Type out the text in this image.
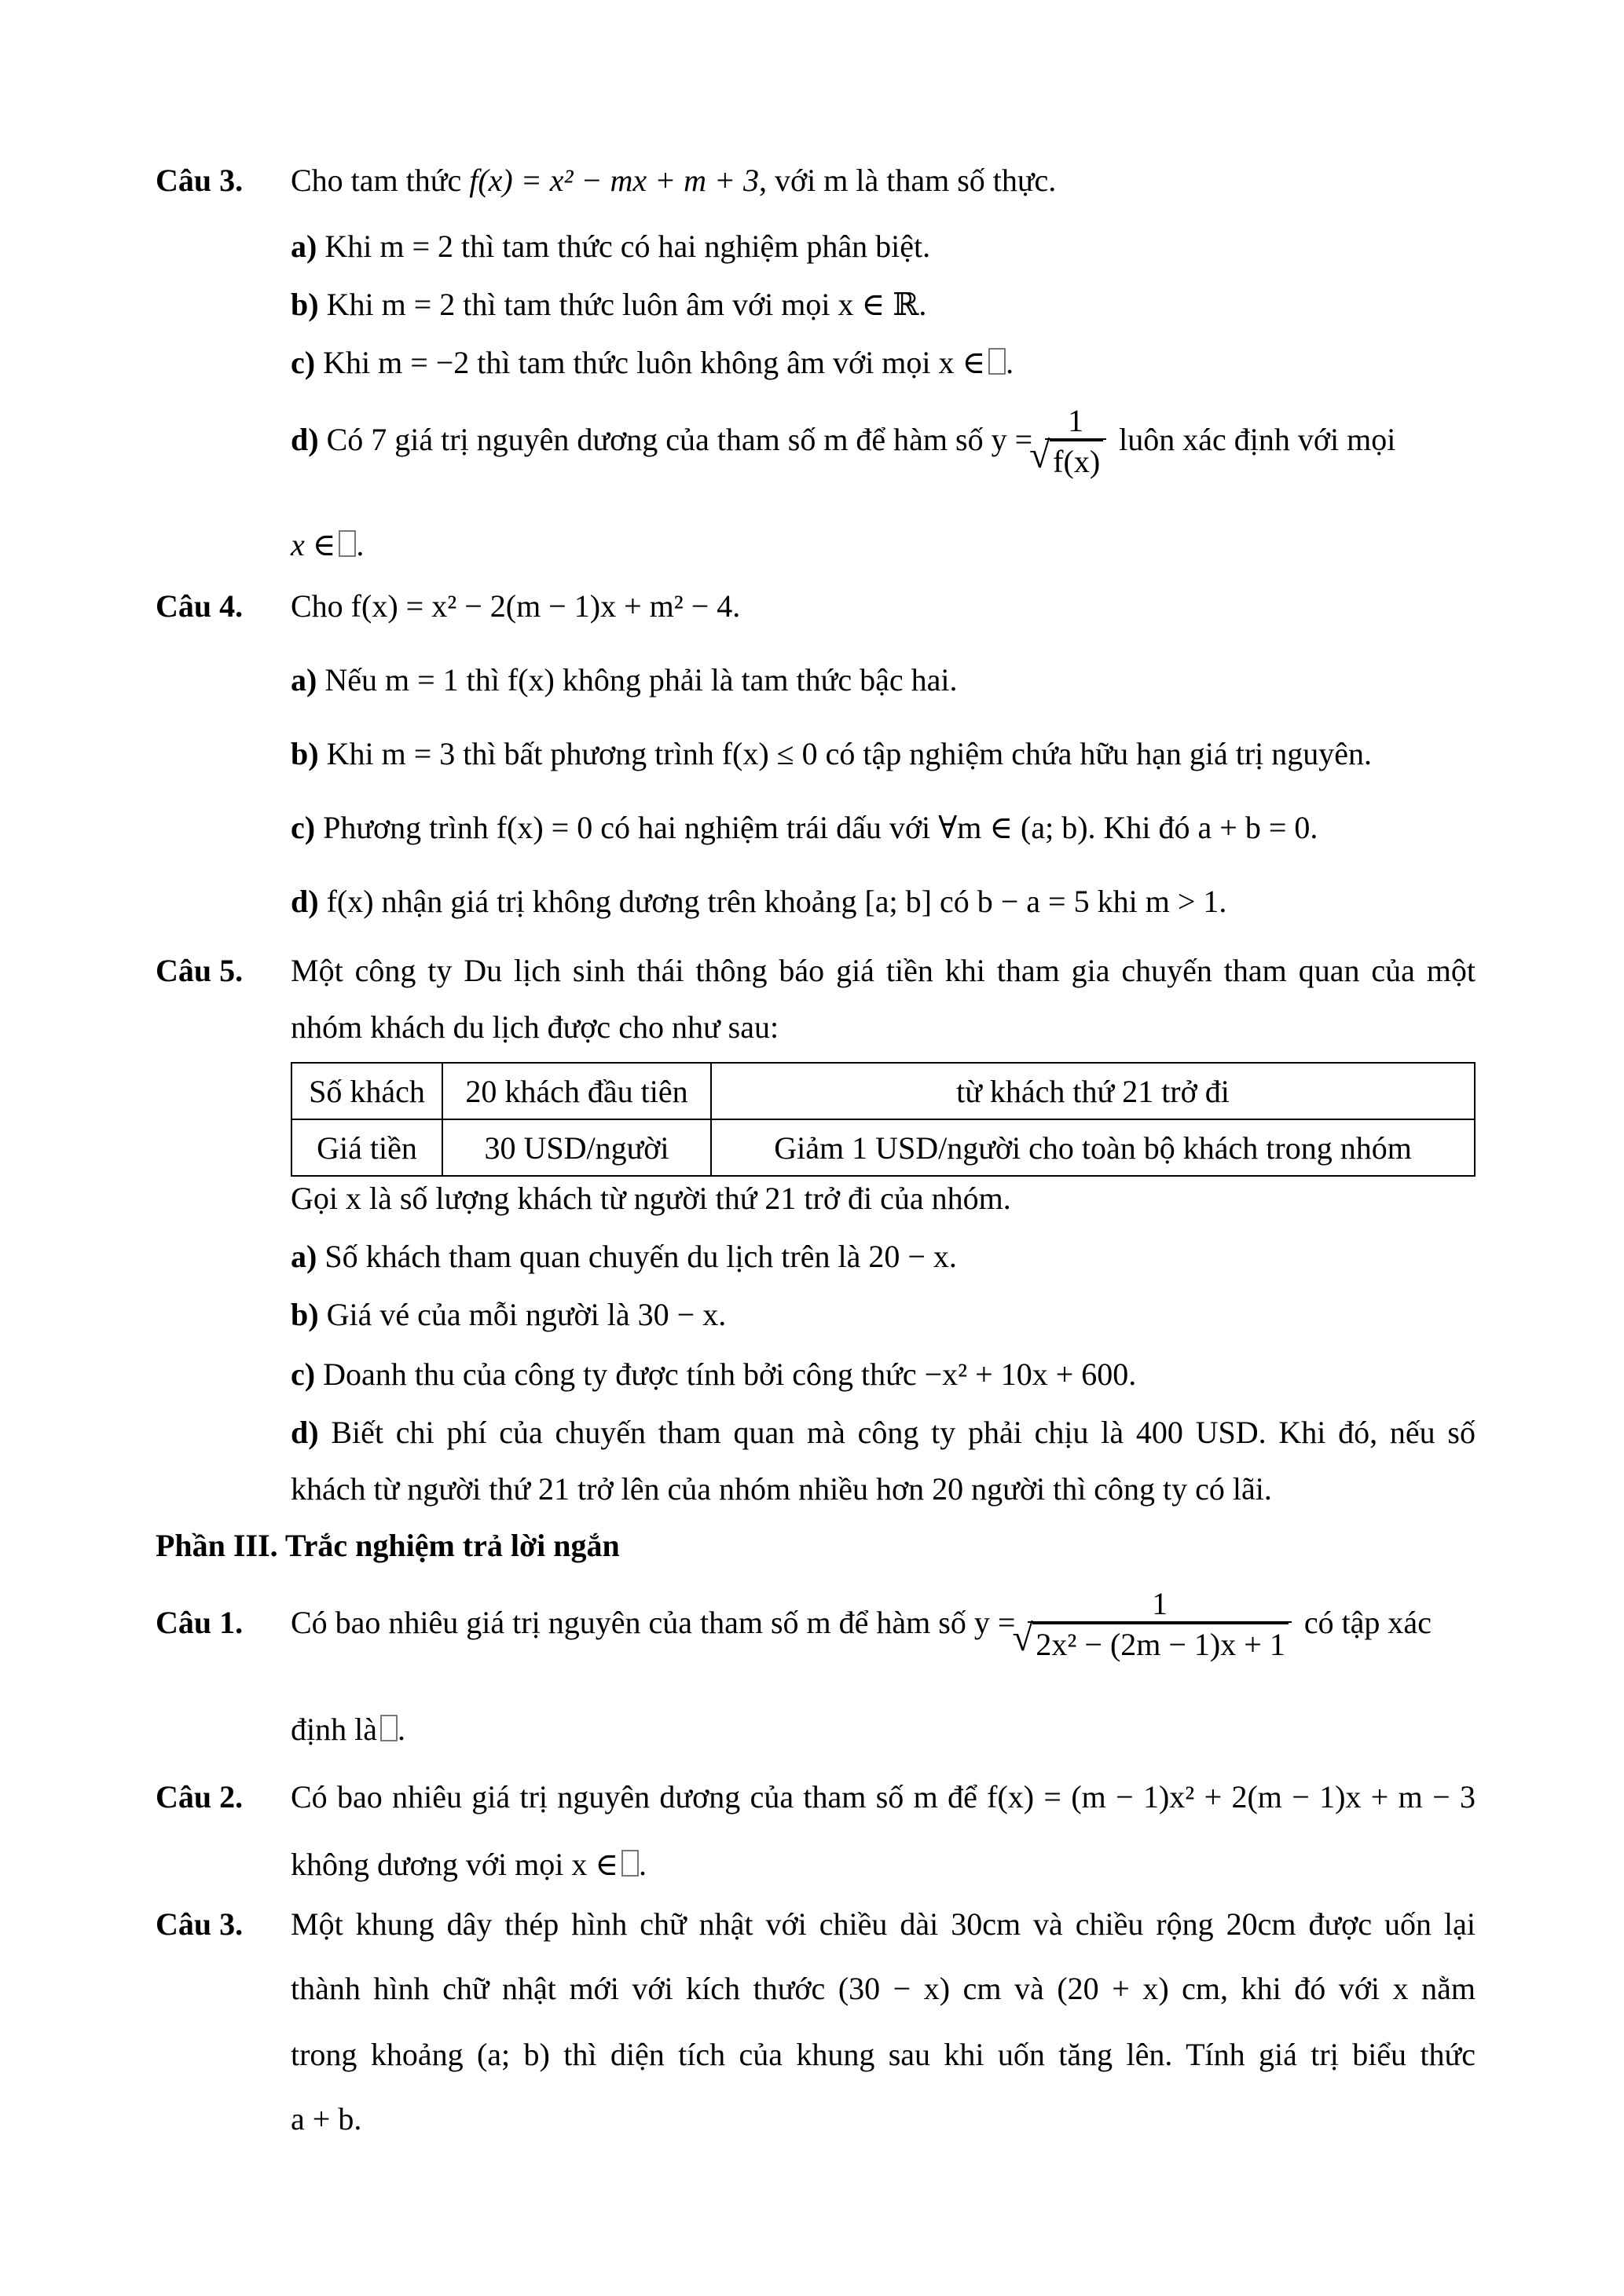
Câu 3. Cho tam thức f(x) = x² − mx + m + 3, với m là tham số thực.
a) Khi m = 2 thì tam thức có hai nghiệm phân biệt.
b) Khi m = 2 thì tam thức luôn âm với mọi x ∈ ℝ.
c) Khi m = −2 thì tam thức luôn không âm với mọi x ∈ .
d) Có 7 giá trị nguyên dương của tham số m để hàm số y = 1
√ f(x) luôn xác định với mọi
x ∈ .
Câu 4. Cho f(x) = x² − 2(m − 1)x + m² − 4.
a) Nếu m = 1 thì f(x) không phải là tam thức bậc hai.
b) Khi m = 3 thì bất phương trình f(x) ≤ 0 có tập nghiệm chứa hữu hạn giá trị nguyên.
c) Phương trình f(x) = 0 có hai nghiệm trái dấu với ∀m ∈ (a; b). Khi đó a + b = 0.
d) f(x) nhận giá trị không dương trên khoảng [a; b] có b − a = 5 khi m > 1.
Câu 5. Một công ty Du lịch sinh thái thông báo giá tiền khi tham gia chuyến tham quan của một
nhóm khách du lịch được cho như sau:
Số khách	20 khách đầu tiên	từ khách thứ 21 trở đi
Giá tiền	30 USD/người	Giảm 1 USD/người cho toàn bộ khách trong nhóm
Gọi x là số lượng khách từ người thứ 21 trở đi của nhóm.
a) Số khách tham quan chuyến du lịch trên là 20 − x.
b) Giá vé của mỗi người là 30 − x.
c) Doanh thu của công ty được tính bởi công thức −x² + 10x + 600.
d) Biết chi phí của chuyến tham quan mà công ty phải chịu là 400 USD. Khi đó, nếu số
khách từ người thứ 21 trở lên của nhóm nhiều hơn 20 người thì công ty có lãi.
Phần III. Trắc nghiệm trả lời ngắn
Câu 1. Có bao nhiêu giá trị nguyên của tham số m để hàm số y = 1
√ 2x² − (2m − 1)x + 1 có tập xác
định là .
Câu 2. Có bao nhiêu giá trị nguyên dương của tham số m để f(x) = (m − 1)x² + 2(m − 1)x + m − 3
không dương với mọi x ∈ .
Câu 3. Một khung dây thép hình chữ nhật với chiều dài 30cm và chiều rộng 20cm được uốn lại
thành hình chữ nhật mới với kích thước (30 − x) cm và (20 + x) cm, khi đó với x nằm
trong khoảng (a; b) thì diện tích của khung sau khi uốn tăng lên. Tính giá trị biểu thức
a + b.
